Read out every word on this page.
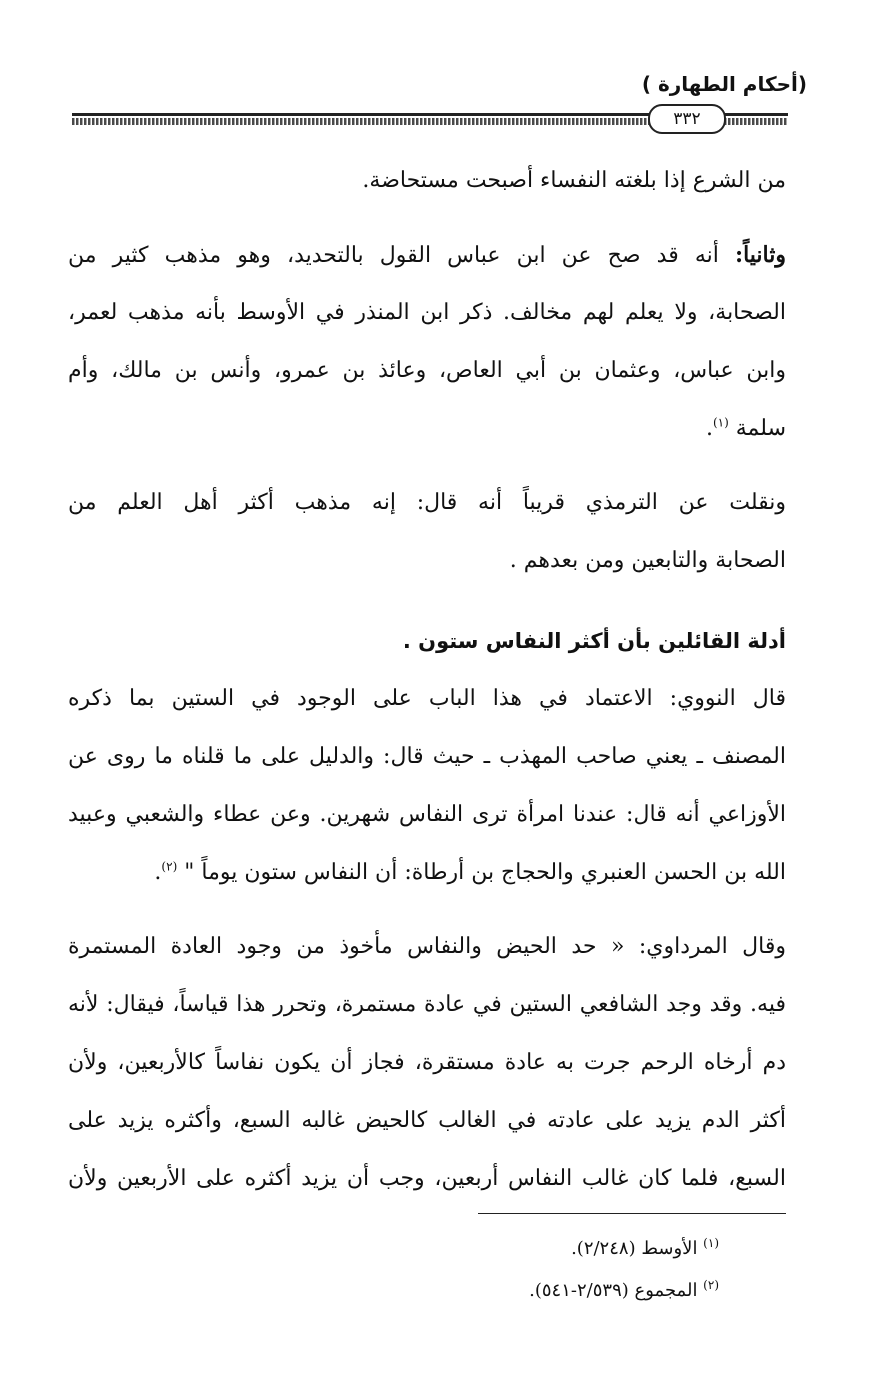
(أحكام الطهارة )
٣٣٢
من الشرع إذا بلغته النفساء أصبحت مستحاضة.
وثانياً: أنه قد صح عن ابن عباس القول بالتحديد، وهو مذهب كثير من
الصحابة، ولا يعلم لهم مخالف. ذكر ابن المنذر في الأوسط بأنه مذهب لعمر،
وابن عباس، وعثمان بن أبي العاص، وعائذ بن عمرو، وأنس بن مالك، وأم
سلمة $^{(١)}$.
ونقلت عن الترمذي قريباً أنه قال: إنه مذهب أكثر أهل العلم من
الصحابة والتابعين ومن بعدهم .
أدلة القائلين بأن أكثر النفاس ستون .
قال النووي: الاعتماد في هذا الباب على الوجود في الستين بما ذكره
المصنف ـ يعني صاحب المهذب ـ حيث قال: والدليل على ما قلناه ما روى عن
الأوزاعي أنه قال: عندنا امرأة ترى النفاس شهرين. وعن عطاء والشعبي وعبيد
الله بن الحسن العنبري والحجاج بن أرطاة: أن النفاس ستون يوماً " $^{(٢)}$.
وقال المرداوي: « حد الحيض والنفاس مأخوذ من وجود العادة المستمرة
فيه. وقد وجد الشافعي الستين في عادة مستمرة، وتحرر هذا قياساً، فيقال: لأنه
دم أرخاه الرحم جرت به عادة مستقرة، فجاز أن يكون نفاساً كالأربعين، ولأن
أكثر الدم يزيد على عادته في الغالب كالحيض غالبه السبع، وأكثره يزيد على
السبع، فلما كان غالب النفاس أربعين، وجب أن يزيد أكثره على الأربعين ولأن
$^{(١)}$ الأوسط (٢/٢٤٨).
$^{(٢)}$ المجموع (٢/٥٣٩-٥٤١).
